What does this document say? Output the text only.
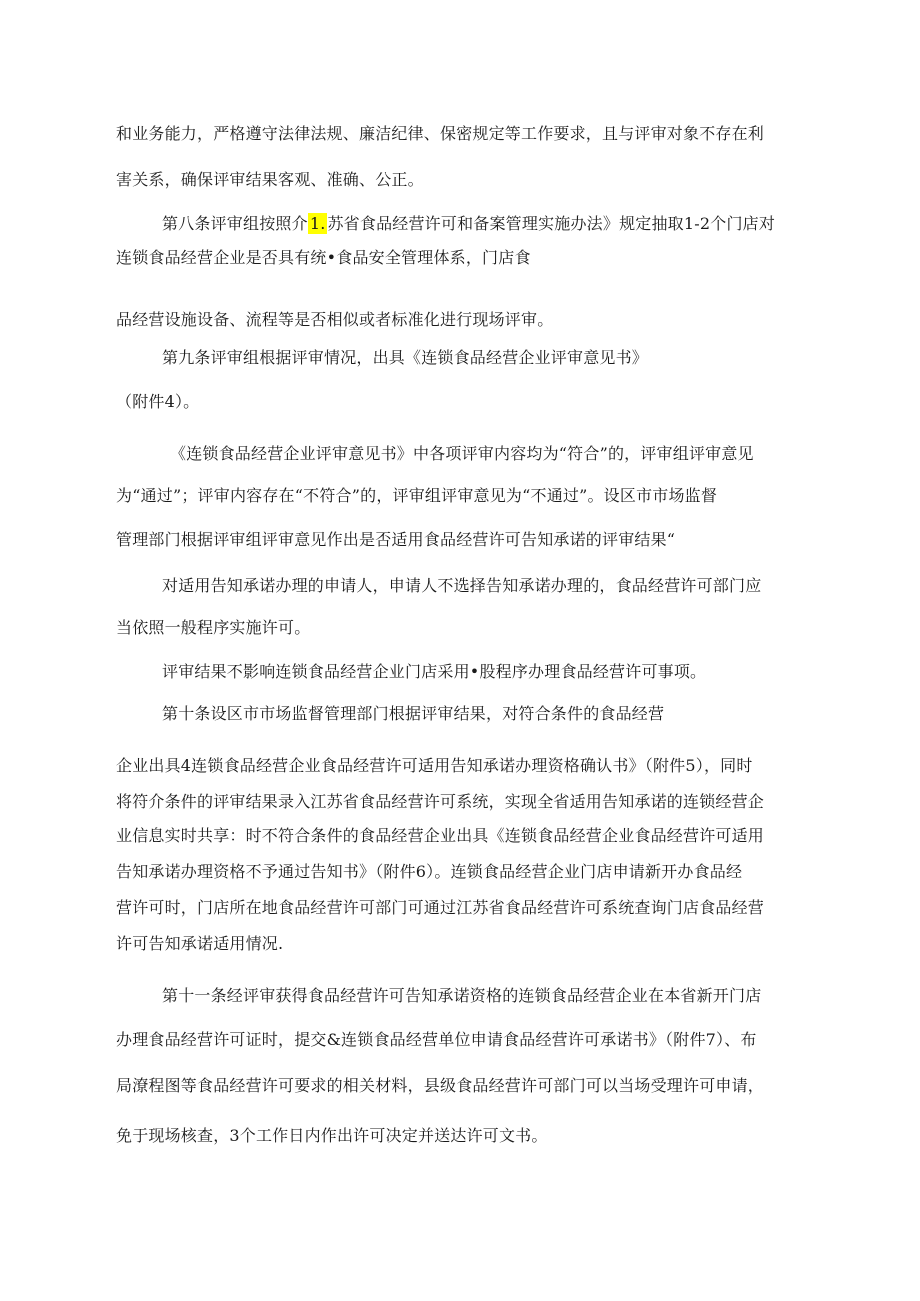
和业务能力，严格遵守法律法规、廉洁纪律、保密规定等工作要求，且与评审对象不存在利
害关系，确保评审结果客观、准确、公正。
第八条评审组按照介 1. 苏省食品经营许可和备案管理实施办法》规定抽取1-2个门店对
连锁食品经营企业是否具有统•食品安全管理体系，门店食
品经营设施设备、流程等是否相似或者标准化进行现场评审。
第九条评审组根据评审情况，出具《连锁食品经营企业评审意见书》
（附件4）。
《连锁食品经营企业评审意见书》中各项评审内容均为“符合”的，评审组评审意见
为“通过”；评审内容存在“不符合”的，评审组评审意见为“不通过”。设区市市场监督
管理部门根据评审组评审意见作出是否适用食品经营许可告知承诺的评审结果“
对适用告知承诺办理的申请人，申请人不选择告知承诺办理的，食品经营许可部门应
当依照一般程序实施许可。
评审结果不影响连锁食品经营企业门店采用•股程序办理食品经营许可事项。
第十条设区市市场监督管理部门根据评审结果，对符合条件的食品经营
企业出具4连锁食品经营企业食品经营许可适用告知承诺办理资格确认书》（附件5），同时
将符介条件的评审结果录入江苏省食品经营许可系统，实现全省适用告知承诺的连锁经营企
业信息实时共享：时不符合条件的食品经营企业出具《连锁食品经营企业食品经营许可适用
告知承诺办理资格不予通过告知书》（附件6）。连锁食品经营企业门店申请新开办食品经
营许可时，门店所在地食品经营许可部门可通过江苏省食品经营许可系统查询门店食品经营
许可告知承诺适用情况.
第十一条经评审获得食品经营许可告知承诺资格的连锁食品经营企业在本省新开门店
办理食品经营许可证时，提交&连锁食品经营单位申请食品经营许可承诺书》（附件7）、布
局潦程图等食品经营许可要求的相关材料，县级食品经营许可部门可以当场受理许可申请，
免于现场核查，3个工作日内作出许可决定并送达许可文书。
